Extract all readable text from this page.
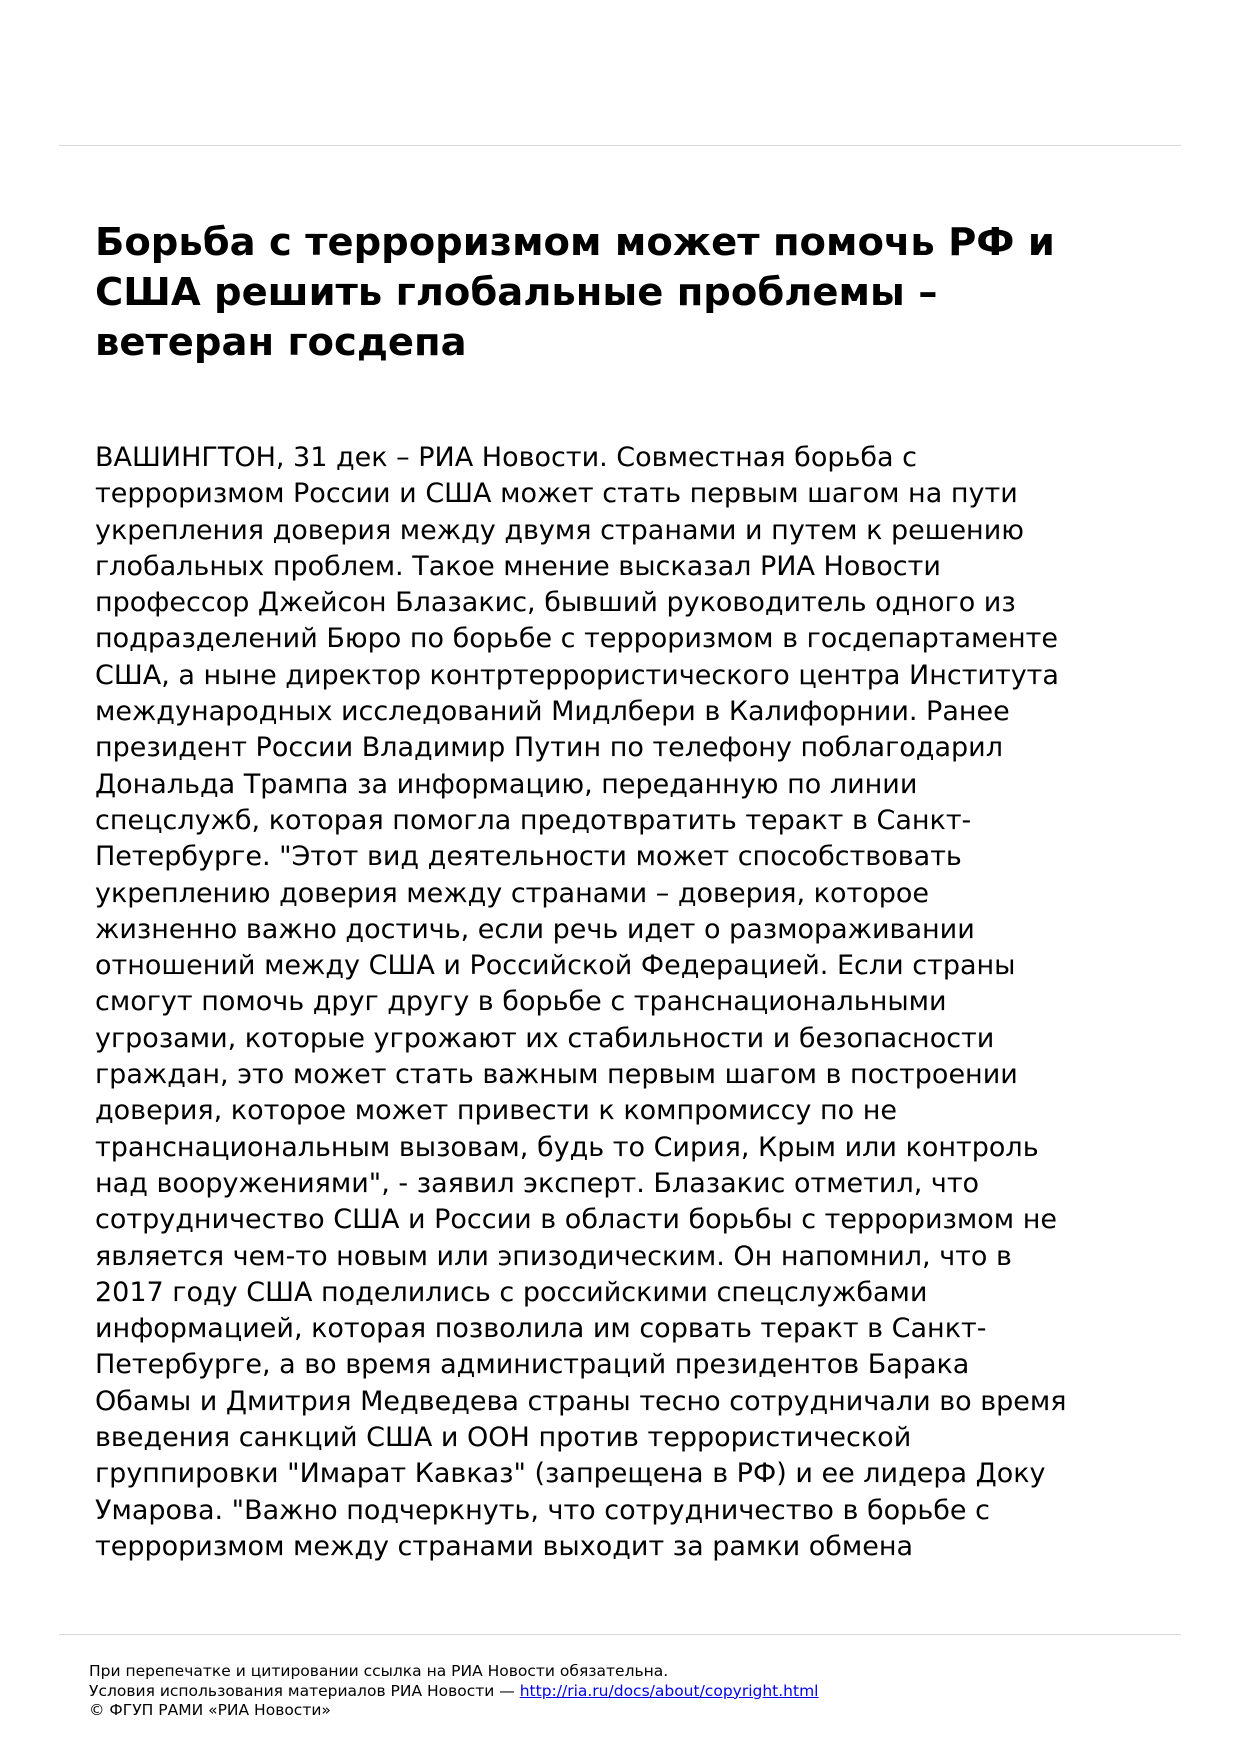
Борьба с терроризмом может помочь РФ и
США решить глобальные проблемы –
ветеран госдепа
ВАШИНГТОН, 31 дек – РИА Новости. Совместная борьба с
терроризмом России и США может стать первым шагом на пути
укрепления доверия между двумя странами и путем к решению
глобальных проблем. Такое мнение высказал РИА Новости
профессор Джейсон Блазакис, бывший руководитель одного из
подразделений Бюро по борьбе с терроризмом в госдепартаменте
США, а ныне директор контртеррористического центра Института
международных исследований Мидлбери в Калифорнии. Ранее
президент России Владимир Путин по телефону поблагодарил
Дональда Трампа за информацию, переданную по линии
спецслужб, которая помогла предотвратить теракт в Санкт-
Петербурге. "Этот вид деятельности может способствовать
укреплению доверия между странами – доверия, которое
жизненно важно достичь, если речь идет о размораживании
отношений между США и Российской Федерацией. Если страны
смогут помочь друг другу в борьбе с транснациональными
угрозами, которые угрожают их стабильности и безопасности
граждан, это может стать важным первым шагом в построении
доверия, которое может привести к компромиссу по не
транснациональным вызовам, будь то Сирия, Крым или контроль
над вооружениями", - заявил эксперт. Блазакис отметил, что
сотрудничество США и России в области борьбы с терроризмом не
является чем-то новым или эпизодическим. Он напомнил, что в
2017 году США поделились с российскими спецслужбами
информацией, которая позволила им сорвать теракт в Санкт-
Петербурге, а во время администраций президентов Барака
Обамы и Дмитрия Медведева страны тесно сотрудничали во время
введения санкций США и ООН против террористической
группировки "Имарат Кавказ" (запрещена в РФ) и ее лидера Доку
Умарова. "Важно подчеркнуть, что сотрудничество в борьбе с
терроризмом между странами выходит за рамки обмена
При перепечатке и цитировании ссылка на РИА Новости обязательна.
Условия использования материалов РИА Новости — http://ria.ru/docs/about/copyright.html
© ФГУП РАМИ «РИА Новости»
